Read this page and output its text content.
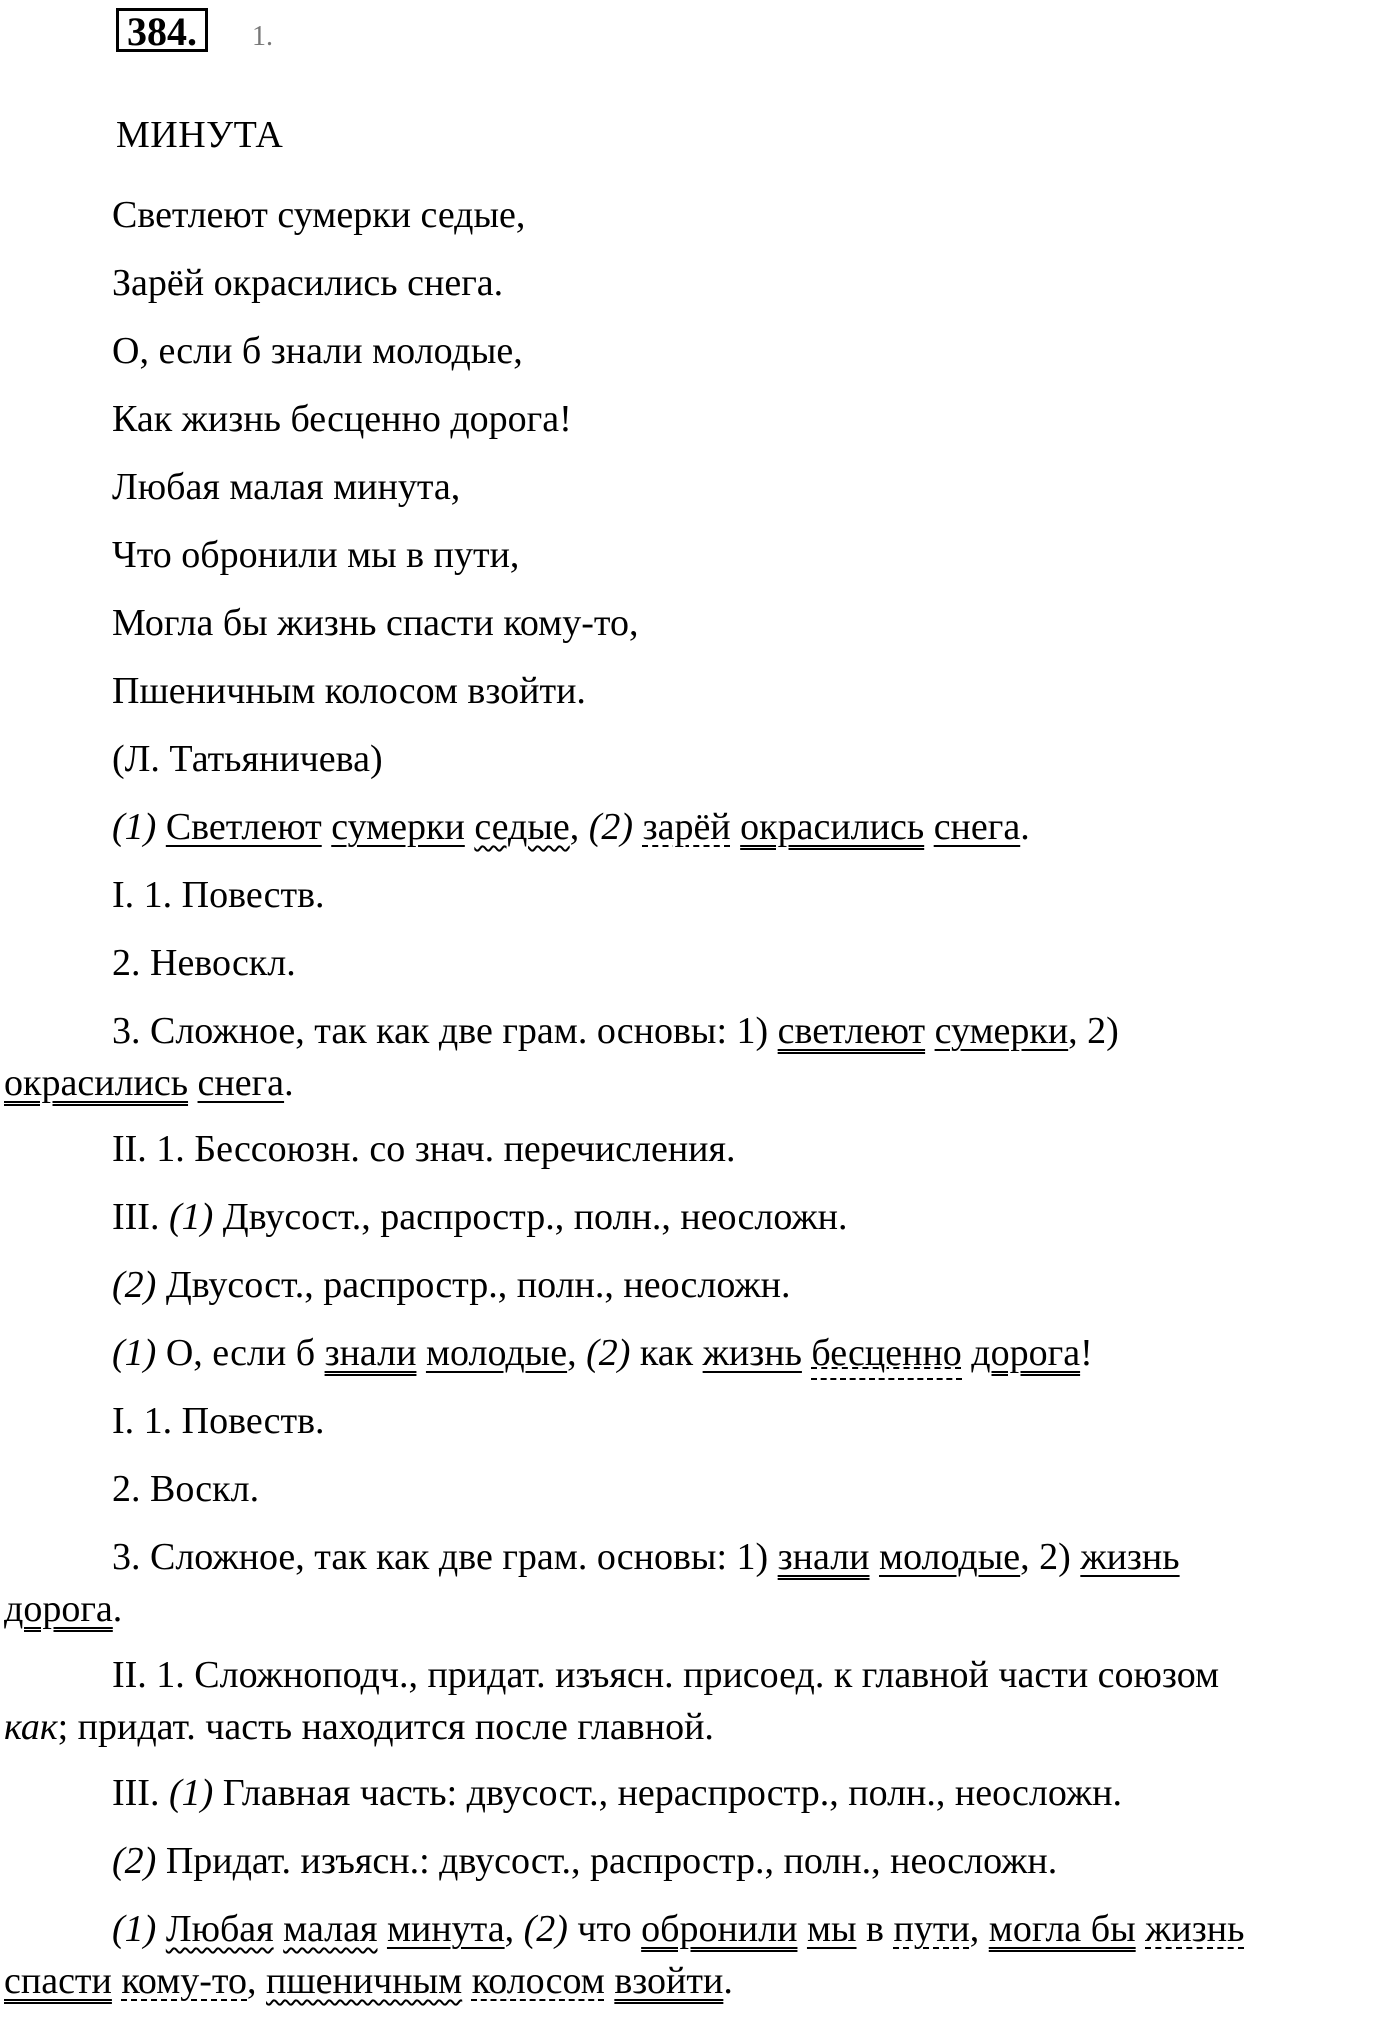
384.	1.
МИНУТА
Светлеют сумерки седые,
Зарёй окрасились снега.
О, если б знали молодые,
Как жизнь бесценно дорога!
Любая малая минута,
Что обронили мы в пути,
Могла бы жизнь спасти кому-то,
Пшеничным колосом взойти.
(Л. Татьяничева)
(1) Светлеют сумерки седые, (2) зарёй окрасились снега.
I. 1. Повеств.
2. Невоскл.
3. Сложное, так как две грам. основы: 1) светлеют сумерки, 2)
окрасились снега.
II. 1. Бессоюзн. со знач. перечисления.
III. (1) Двусост., распростр., полн., неосложн.
(2) Двусост., распростр., полн., неосложн.
(1) О, если б знали молодые, (2) как жизнь бесценно дорога!
I. 1. Повеств.
2. Воскл.
3. Сложное, так как две грам. основы: 1) знали молодые, 2) жизнь
дорога.
II. 1. Сложноподч., придат. изъясн. присоед. к главной части союзом
как; придат. часть находится после главной.
III. (1) Главная часть: двусост., нераспростр., полн., неосложн.
(2) Придат. изъясн.: двусост., распростр., полн., неосложн.
(1) Любая малая минута, (2) что обронили мы в пути, могла бы жизнь
спасти кому-то, пшеничным колосом взойти.
